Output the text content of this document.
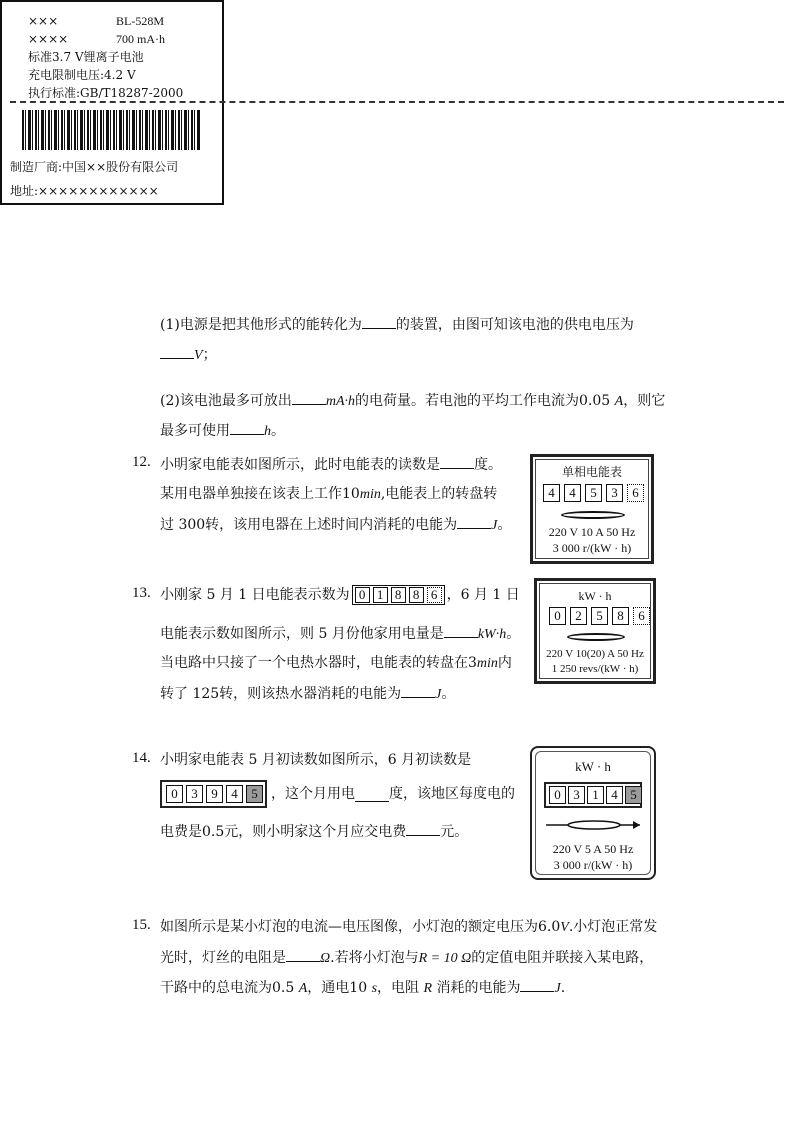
×××	BL-528M
××××	700 mA·h
标准3.7 V锂离子电池
充电限制电压:4.2 V
执行标准:GB/T18287-2000
制造厂商:中国××股份有限公司
地址:××××××××××××
(1)电源是把其他形式的能转化为 的装置，由图可知该电池的供电电压为
V；
(2)该电池最多可放出 mA·h的电荷量。若电池的平均工作电流为0.05 A，则它
最多可使用 h。
12. 小明家电能表如图所示，此时电能表的读数是 度。
某用电器单独接在该表上工作10min,电能表上的转盘转
过 300转，该用电器在上述时间内消耗的电能为 J。
单相电能表
4	4	5	3	6
220 V 10 A 50 Hz
3 000 r/(kW · h)
13. 小刚家 5 月 1 日电能表示数为 0 1 8 8 6 ，6 月 1 日
电能表示数如图所示，则 5 月份他家用电量是 kW·h。
当电路中只接了一个电热水器时，电能表的转盘在3min内
转了 125转，则该热水器消耗的电能为 J。
kW · h
0	2	5	8	6
220 V 10(20) A 50 Hz
1 250 revs/(kW · h)
14. 小明家电能表 5 月初读数如图所示，6 月初读数是
0	3	9	4	5 ，这个月用电 度，该地区每度电的
电费是0.5元，则小明家这个月应交电费 元。
kW · h
0 3 1 4 5
220 V 5 A 50 Hz
3 000 r/(kW · h)
15. 如图所示是某小灯泡的电流—电压图像，小灯泡的额定电压为6.0V.小灯泡正常发
光时，灯丝的电阻是 Ω.若将小灯泡与R = 10 Ω的定值电阻并联接入某电路，
干路中的总电流为0.5 A，通电10 s，电阻 R 消耗的电能为 J.
